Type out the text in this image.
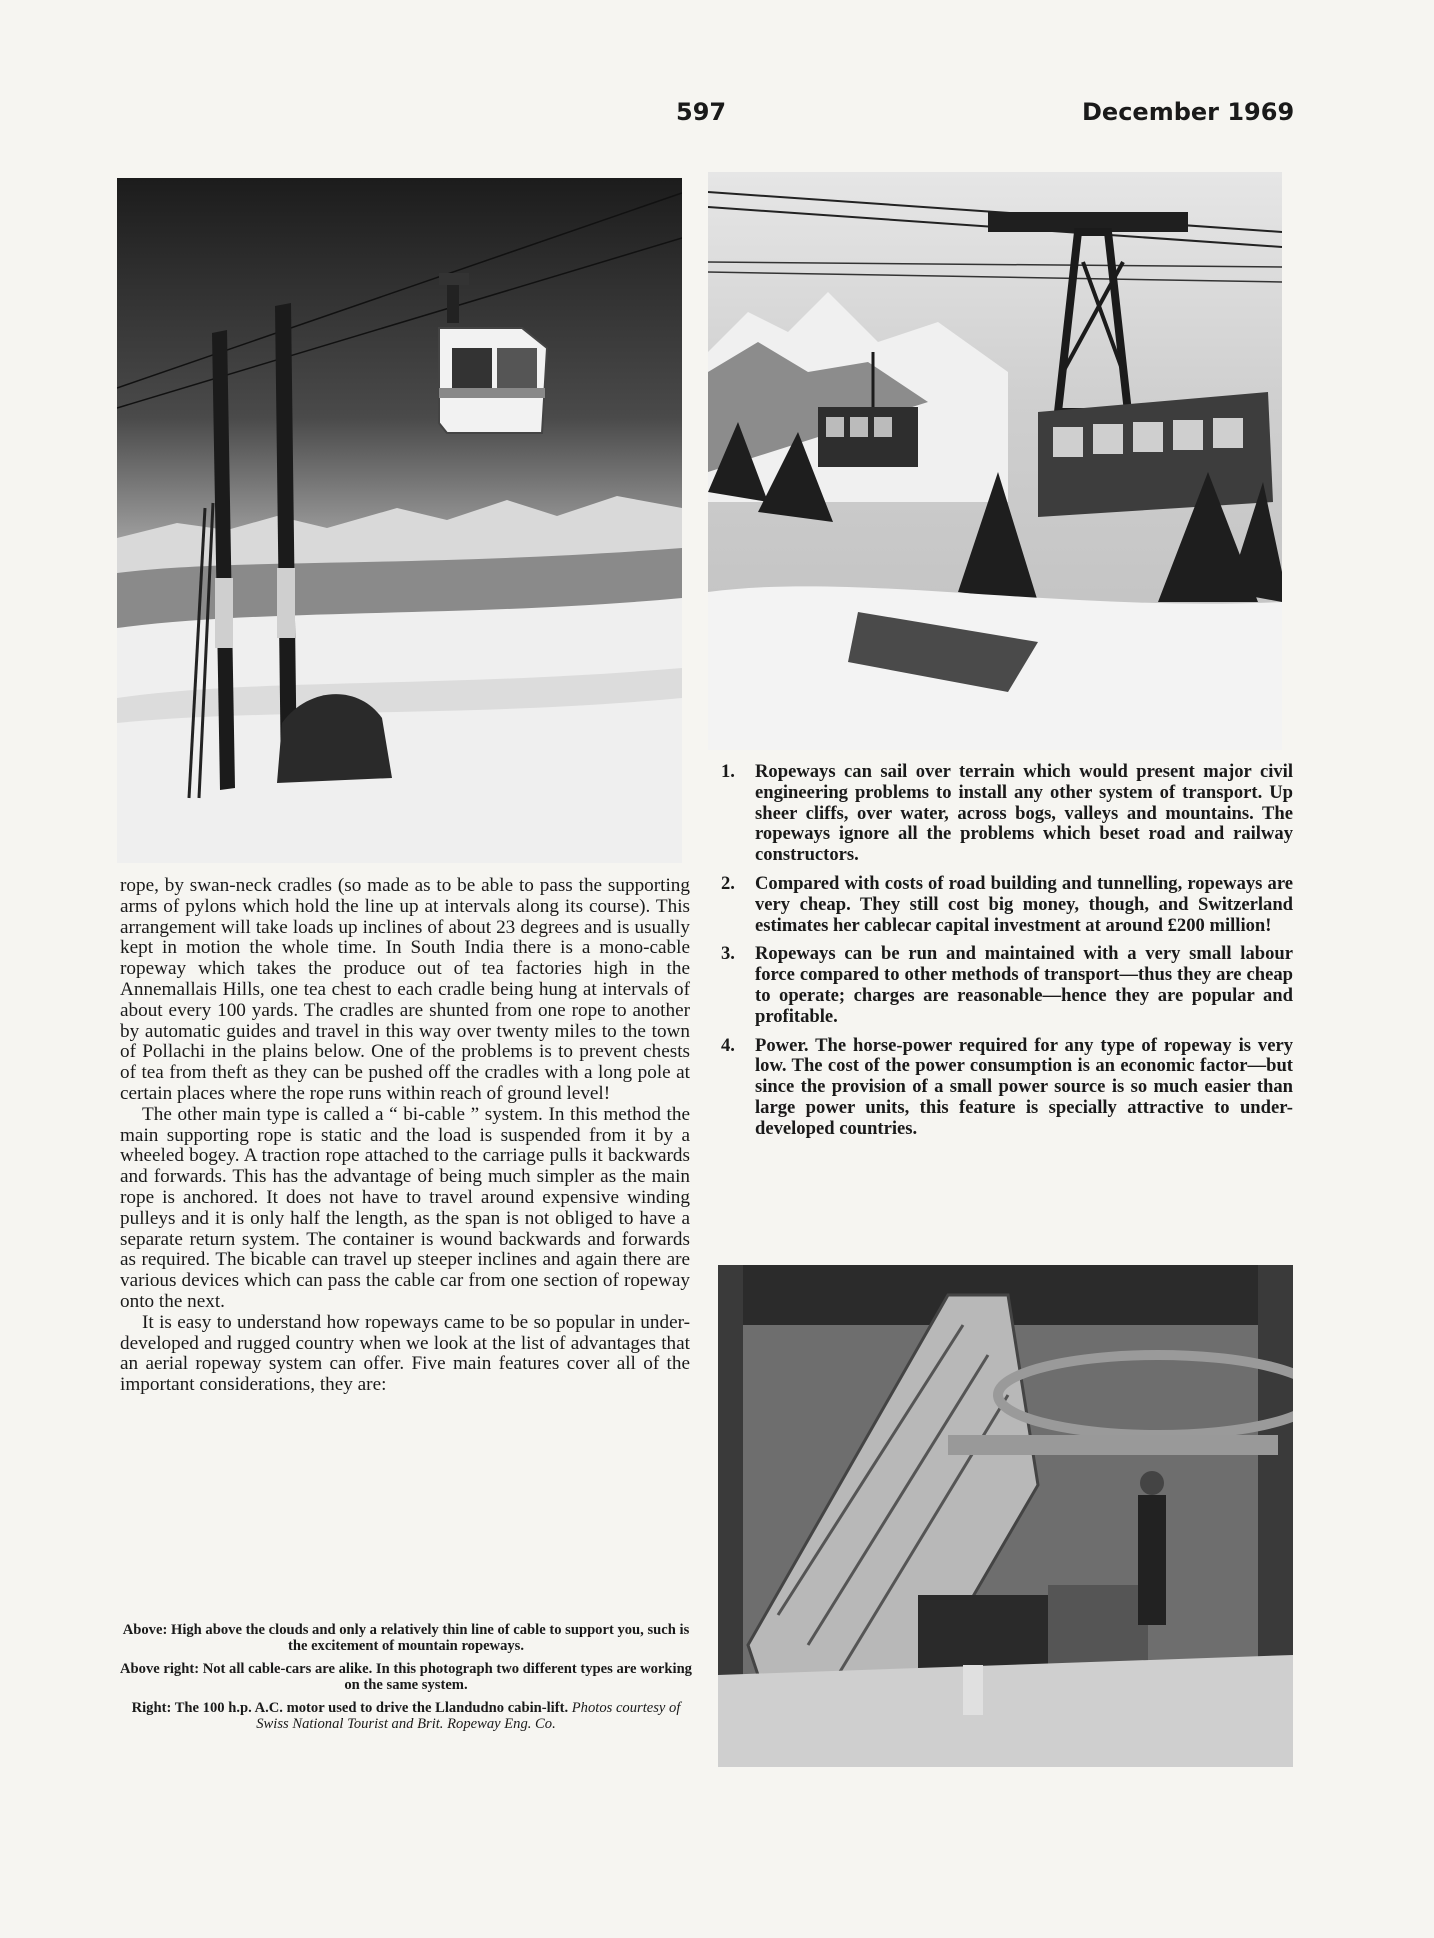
597	December 1969

rope, by swan-neck cradles (so made as to be able to pass the supporting arms of pylons which hold the line up at intervals along its course). This arrangement will take loads up inclines of about 23 degrees and is usually kept in motion the whole time. In South India there is a mono-cable ropeway which takes the produce out of tea factories high in the Annemallais Hills, one tea chest to each cradle being hung at intervals of about every 100 yards. The cradles are shunted from one rope to another by automatic guides and travel in this way over twenty miles to the town of Pollachi in the plains below. One of the problems is to prevent chests of tea from theft as they can be pushed off the cradles with a long pole at certain places where the rope runs within reach of ground level!

The other main type is called a “ bi-cable ” system. In this method the main supporting rope is static and the load is suspended from it by a wheeled bogey. A traction rope attached to the carriage pulls it backwards and forwards. This has the advantage of being much simpler as the main rope is anchored. It does not have to travel around expensive winding pulleys and it is only half the length, as the span is not obliged to have a separate return system. The container is wound backwards and forwards as required. The bicable can travel up steeper inclines and again there are various devices which can pass the cable car from one section of ropeway onto the next.

It is easy to understand how ropeways came to be so popular in under-developed and rugged country when we look at the list of advantages that an aerial ropeway system can offer. Five main features cover all of the important considerations, they are:

Above: High above the clouds and only a relatively thin line of cable to support you, such is the excitement of mountain ropeways.

Above right: Not all cable-cars are alike. In this photograph two different types are working on the same system.

Right: The 100 h.p. A.C. motor used to drive the Llandudno cabin-lift. Photos courtesy of Swiss National Tourist and Brit. Ropeway Eng. Co.

1. Ropeways can sail over terrain which would present major civil engineering problems to install any other system of transport. Up sheer cliffs, over water, across bogs, valleys and mountains. The ropeways ignore all the problems which beset road and railway constructors.
2. Compared with costs of road building and tunnelling, ropeways are very cheap. They still cost big money, though, and Switzerland estimates her cablecar capital investment at around £200 million!
3. Ropeways can be run and maintained with a very small labour force compared to other methods of transport—thus they are cheap to operate; charges are reasonable—hence they are popular and profitable.
4. Power. The horse-power required for any type of ropeway is very low. The cost of the power consumption is an economic factor—but since the provision of a small power source is so much easier than large power units, this feature is specially attractive to under-developed countries.
